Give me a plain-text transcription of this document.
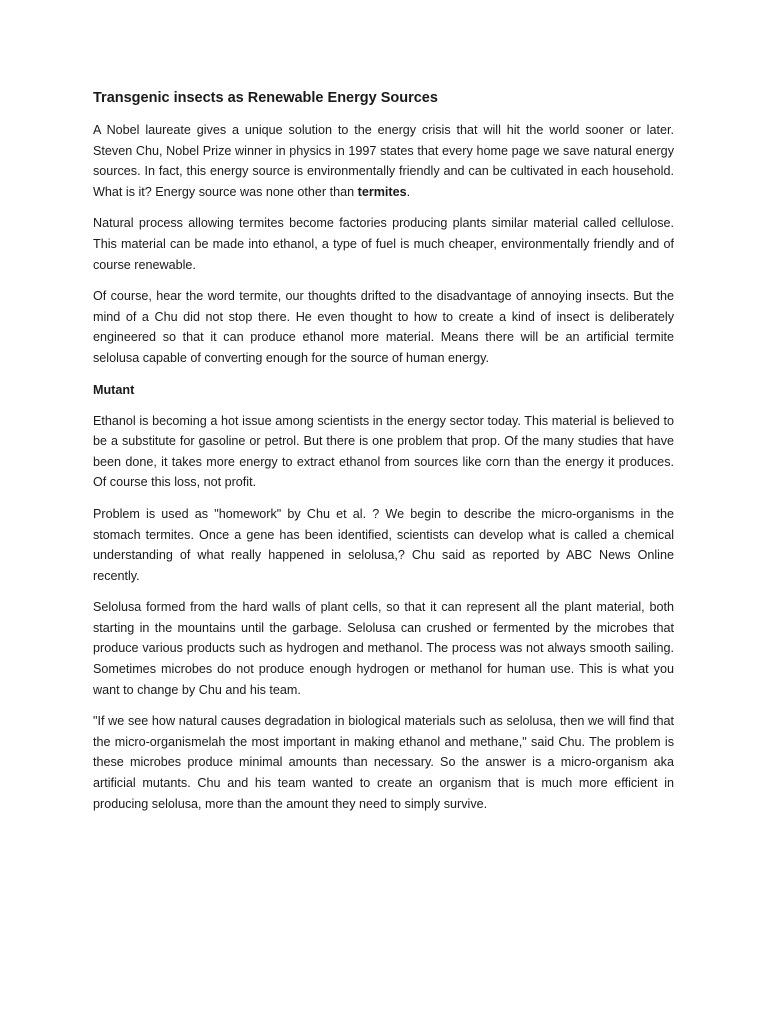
Transgenic insects as Renewable Energy Sources

A Nobel laureate gives a unique solution to the energy crisis that will hit the world sooner or later. Steven Chu, Nobel Prize winner in physics in 1997 states that every home page we save natural energy sources. In fact, this energy source is environmentally friendly and can be cultivated in each household. What is it? Energy source was none other than termites.

Natural process allowing termites become factories producing plants similar material called cellulose. This material can be made into ethanol, a type of fuel is much cheaper, environmentally friendly and of course renewable.

Of course, hear the word termite, our thoughts drifted to the disadvantage of annoying insects. But the mind of a Chu did not stop there. He even thought to how to create a kind of insect is deliberately engineered so that it can produce ethanol more material. Means there will be an artificial termite selolusa capable of converting enough for the source of human energy.

Mutant

Ethanol is becoming a hot issue among scientists in the energy sector today. This material is believed to be a substitute for gasoline or petrol. But there is one problem that prop. Of the many studies that have been done, it takes more energy to extract ethanol from sources like corn than the energy it produces. Of course this loss, not profit.

Problem is used as "homework" by Chu et al. ? We begin to describe the micro-organisms in the stomach termites. Once a gene has been identified, scientists can develop what is called a chemical understanding of what really happened in selolusa,? Chu said as reported by ABC News Online recently.

Selolusa formed from the hard walls of plant cells, so that it can represent all the plant material, both starting in the mountains until the garbage. Selolusa can crushed or fermented by the microbes that produce various products such as hydrogen and methanol. The process was not always smooth sailing. Sometimes microbes do not produce enough hydrogen or methanol for human use. This is what you want to change by Chu and his team.

"If we see how natural causes degradation in biological materials such as selolusa, then we will find that the micro-organismelah the most important in making ethanol and methane," said Chu. The problem is these microbes produce minimal amounts than necessary. So the answer is a micro-organism aka artificial mutants. Chu and his team wanted to create an organism that is much more efficient in producing selolusa, more than the amount they need to simply survive.
